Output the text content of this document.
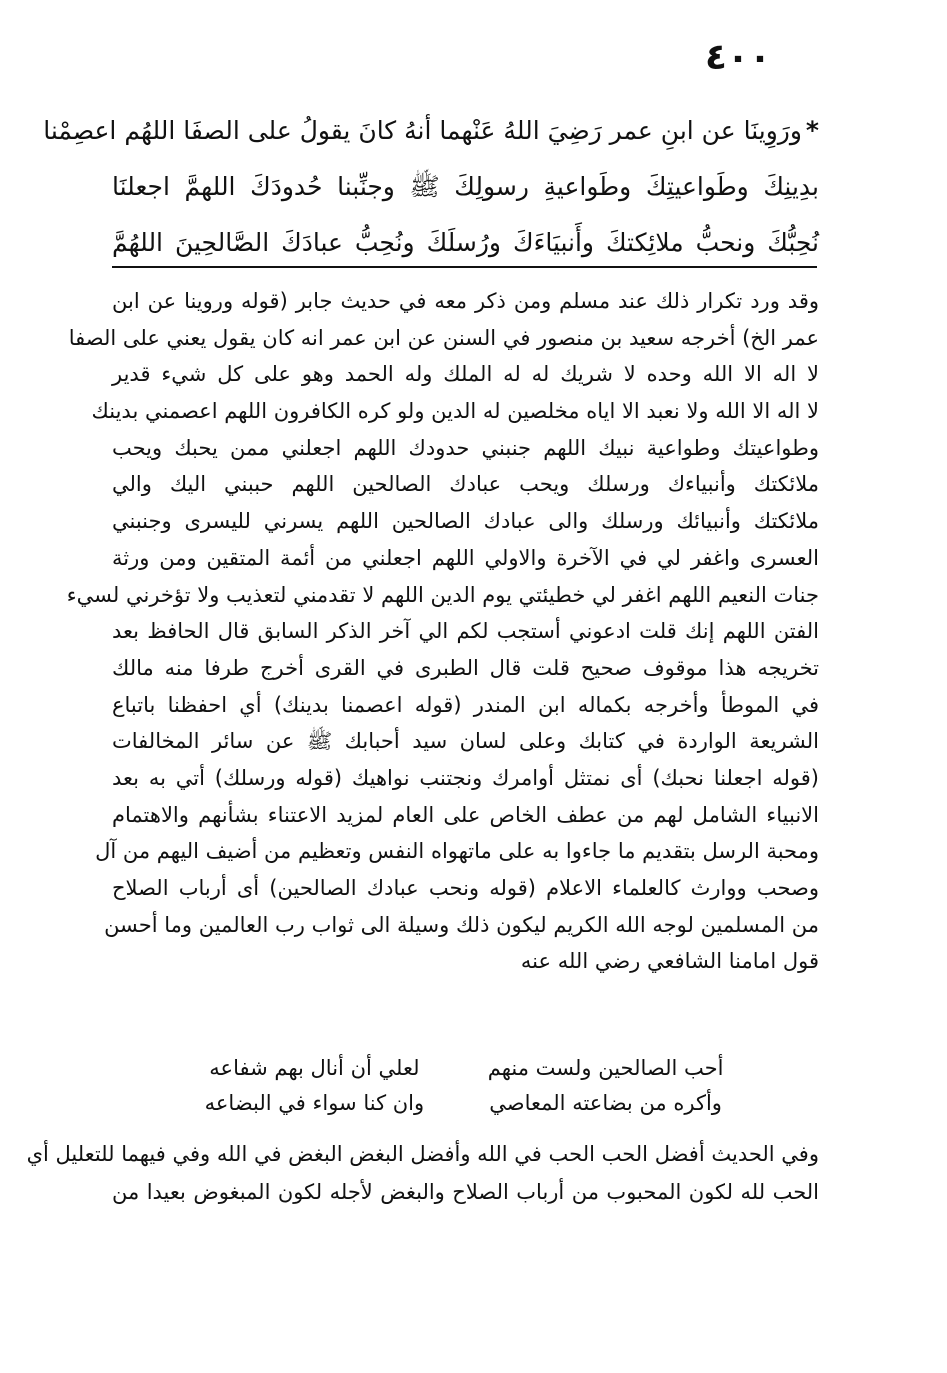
٤٠٠
*ورَوِينَا عن ابنِ عمر رَضِيَ اللهُ عَنْهما أنهُ كانَ يقولُ على الصفَا اللهُم اعصِمْنا
بدِينِكَ وطَواعيتِكَ وطَواعيةِ رسولِكَ ﷺ وجنِّبنا حُدودَكَ اللهمَّ اجعلنَا
نُحِبُّكَ ونحبُّ ملائِكتكَ وأَنبيَاءَكَ ورُسلَكَ ونُحِبُّ عبادَكَ الصَّالحِينَ اللهُمَّ
وقد ورد تكرار ذلك عند مسلم ومن ذكر معه في حديث جابر (قوله وروينا عن ابن
عمر الخ) أخرجه سعيد بن منصور في السنن عن ابن عمر انه كان يقول يعني على الصفا
لا اله الا الله وحده لا شريك له له الملك وله الحمد وهو على كل شيء قدير
لا اله الا الله ولا نعبد الا اياه مخلصين له الدين ولو كره الكافرون اللهم اعصمني بدينك
وطواعيتك وطواعية نبيك اللهم جنبني حدودك اللهم اجعلني ممن يحبك ويحب
ملائكتك وأنبياءك ورسلك ويحب عبادك الصالحين اللهم حببني اليك والي
ملائكتك وأنبيائك ورسلك والى عبادك الصالحين اللهم يسرني لليسرى وجنبني
العسرى واغفر لي في الآخرة والاولي اللهم اجعلني من أئمة المتقين ومن ورثة
جنات النعيم اللهم اغفر لي خطيئتي يوم الدين اللهم لا تقدمني لتعذيب ولا تؤخرني لسيء
الفتن اللهم إنك قلت ادعوني أستجب لكم الي آخر الذكر السابق قال الحافظ بعد
تخريجه هذا موقوف صحيح قلت قال الطبرى في القرى أخرج طرفا منه مالك
في الموطأ وأخرجه بكماله ابن المندر (قوله اعصمنا بدينك) أي احفظنا باتباع
الشريعة الواردة في كتابك وعلى لسان سيد أحبابك ﷺ عن سائر المخالفات
(قوله اجعلنا نحبك) أى نمتثل أوامرك ونجتنب نواهيك (قوله ورسلك) أتي به بعد
الانبياء الشامل لهم من عطف الخاص على العام لمزيد الاعتناء بشأنهم والاهتمام
ومحبة الرسل بتقديم ما جاءوا به على ماتهواه النفس وتعظيم من أضيف اليهم من آل
وصحب ووارث كالعلماء الاعلام (قوله ونحب عبادك الصالحين) أى أرباب الصلاح
من المسلمين لوجه الله الكريم ليكون ذلك وسيلة الى ثواب رب العالمين وما أحسن
قول امامنا الشافعي رضي الله عنه
أحب الصالحين ولست منهم
لعلي أن أنال بهم شفاعه
وأكره من بضاعته المعاصي
وان كنا سواء في البضاعه
وفي الحديث أفضل الحب الحب في الله وأفضل البغض البغض في الله وفي فيهما للتعليل أي
الحب لله لكون المحبوب من أرباب الصلاح والبغض لأجله لكون المبغوض بعيدا من
